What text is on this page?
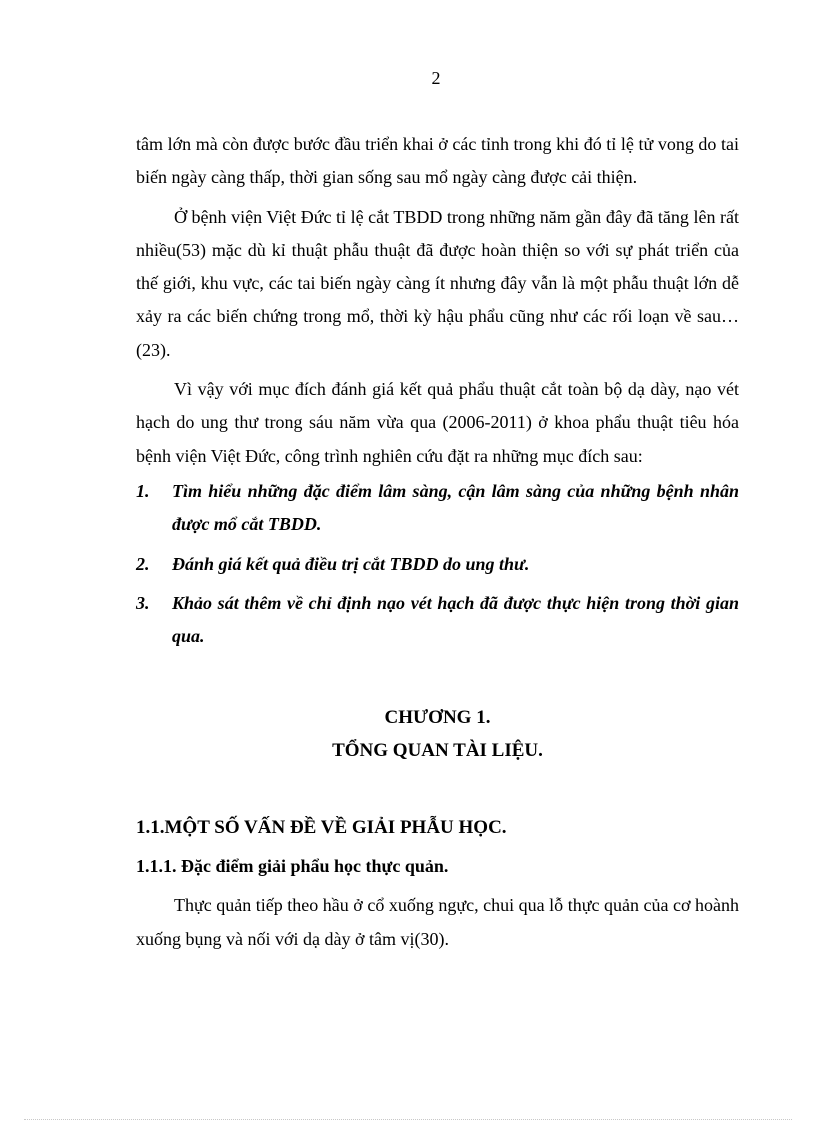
2

tâm lớn mà còn được bước đầu triển khai ở các tỉnh trong khi đó tỉ lệ tử vong do tai biến ngày càng thấp, thời gian sống sau mổ ngày càng được cải thiện.

Ở bệnh viện Việt Đức tỉ lệ cắt TBDD trong những năm gần đây đã tăng lên rất nhiều(53) mặc dù kỉ thuật phẫu thuật đã được hoàn thiện so với sự phát triển của thế giới, khu vực, các tai biến ngày càng ít nhưng đây vẫn là một phẫu thuật lớn dễ xảy ra các biến chứng trong mổ, thời kỳ hậu phẩu cũng như các rối loạn về sau…(23).

Vì vậy với mục đích đánh giá kết quả phẩu thuật cắt toàn bộ dạ dày, nạo vét hạch do ung thư trong sáu năm vừa qua (2006-2011) ở khoa phẩu thuật tiêu hóa bệnh viện Việt Đức, công trình nghiên cứu đặt ra những mục đích sau:

1.	Tìm hiểu những đặc điểm lâm sàng, cận lâm sàng của những bệnh nhân được mổ cắt TBDD.
2.	Đánh giá kết quả điều trị cắt TBDD do ung thư.
3.	Khảo sát thêm về chỉ định nạo vét hạch đã được thực hiện trong thời gian qua.
CHƯƠNG 1.
TỔNG QUAN TÀI LIỆU.
1.1.MỘT SỐ VẤN ĐỀ VỀ GIẢI PHẪU HỌC.
1.1.1. Đặc điểm giải phẩu học thực quản.

Thực quản tiếp theo hầu ở cổ xuống ngực, chui qua lỗ thực quản của cơ hoành xuống bụng và nối với dạ dày ở tâm vị(30).
